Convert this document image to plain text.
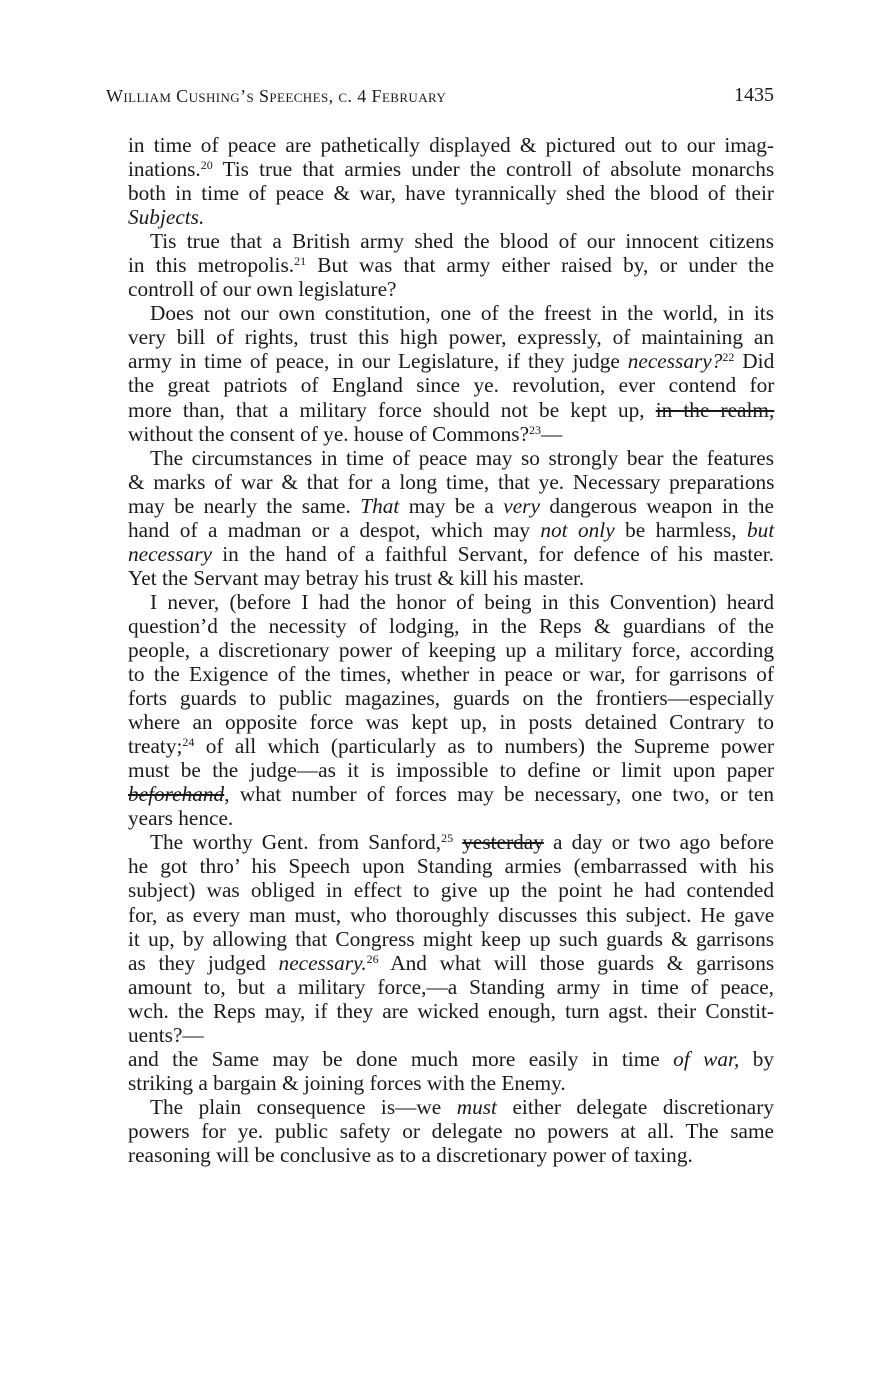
William Cushing’s Speeches, c. 4 February	1435
in time of peace are pathetically displayed & pictured out to our imag-
inations.$^{20}$ Tis true that armies under the controll of absolute monarchs
both in time of peace & war, have tyrannically shed the blood of their
Subjects.
Tis true that a British army shed the blood of our innocent citizens
in this metropolis.$^{21}$ But was that army either raised by, or under the
controll of our own legislature?
Does not our own constitution, one of the freest in the world, in its
very bill of rights, trust this high power, expressly, of maintaining an
army in time of peace, in our Legislature, if they judge necessary?$^{22}$ Did
the great patriots of England since ye. revolution, ever contend for
more than, that a military force should not be kept up, in the realm,
without the consent of ye. house of Commons?$^{23}$—
The circumstances in time of peace may so strongly bear the features
& marks of war & that for a long time, that ye. Necessary preparations
may be nearly the same. That may be a very dangerous weapon in the
hand of a madman or a despot, which may not only be harmless, but
necessary in the hand of a faithful Servant, for defence of his master.
Yet the Servant may betray his trust & kill his master.
I never, (before I had the honor of being in this Convention) heard
question’d the necessity of lodging, in the Reps & guardians of the
people, a discretionary power of keeping up a military force, according
to the Exigence of the times, whether in peace or war, for garrisons of
forts guards to public magazines, guards on the frontiers—especially
where an opposite force was kept up, in posts detained Contrary to
treaty;$^{24}$ of all which (particularly as to numbers) the Supreme power
must be the judge—as it is impossible to define or limit upon paper
beforehand, what number of forces may be necessary, one two, or ten
years hence.
The worthy Gent. from Sanford,$^{25}$ yesterday a day or two ago before
he got thro’ his Speech upon Standing armies (embarrassed with his
subject) was obliged in effect to give up the point he had contended
for, as every man must, who thoroughly discusses this subject. He gave
it up, by allowing that Congress might keep up such guards & garrisons
as they judged necessary.$^{26}$ And what will those guards & garrisons
amount to, but a military force,—a Standing army in time of peace,
wch. the Reps may, if they are wicked enough, turn agst. their Constit-
uents?—
and the Same may be done much more easily in time of war, by
striking a bargain & joining forces with the Enemy.
The plain consequence is—we must either delegate discretionary
powers for ye. public safety or delegate no powers at all. The same
reasoning will be conclusive as to a discretionary power of taxing.
